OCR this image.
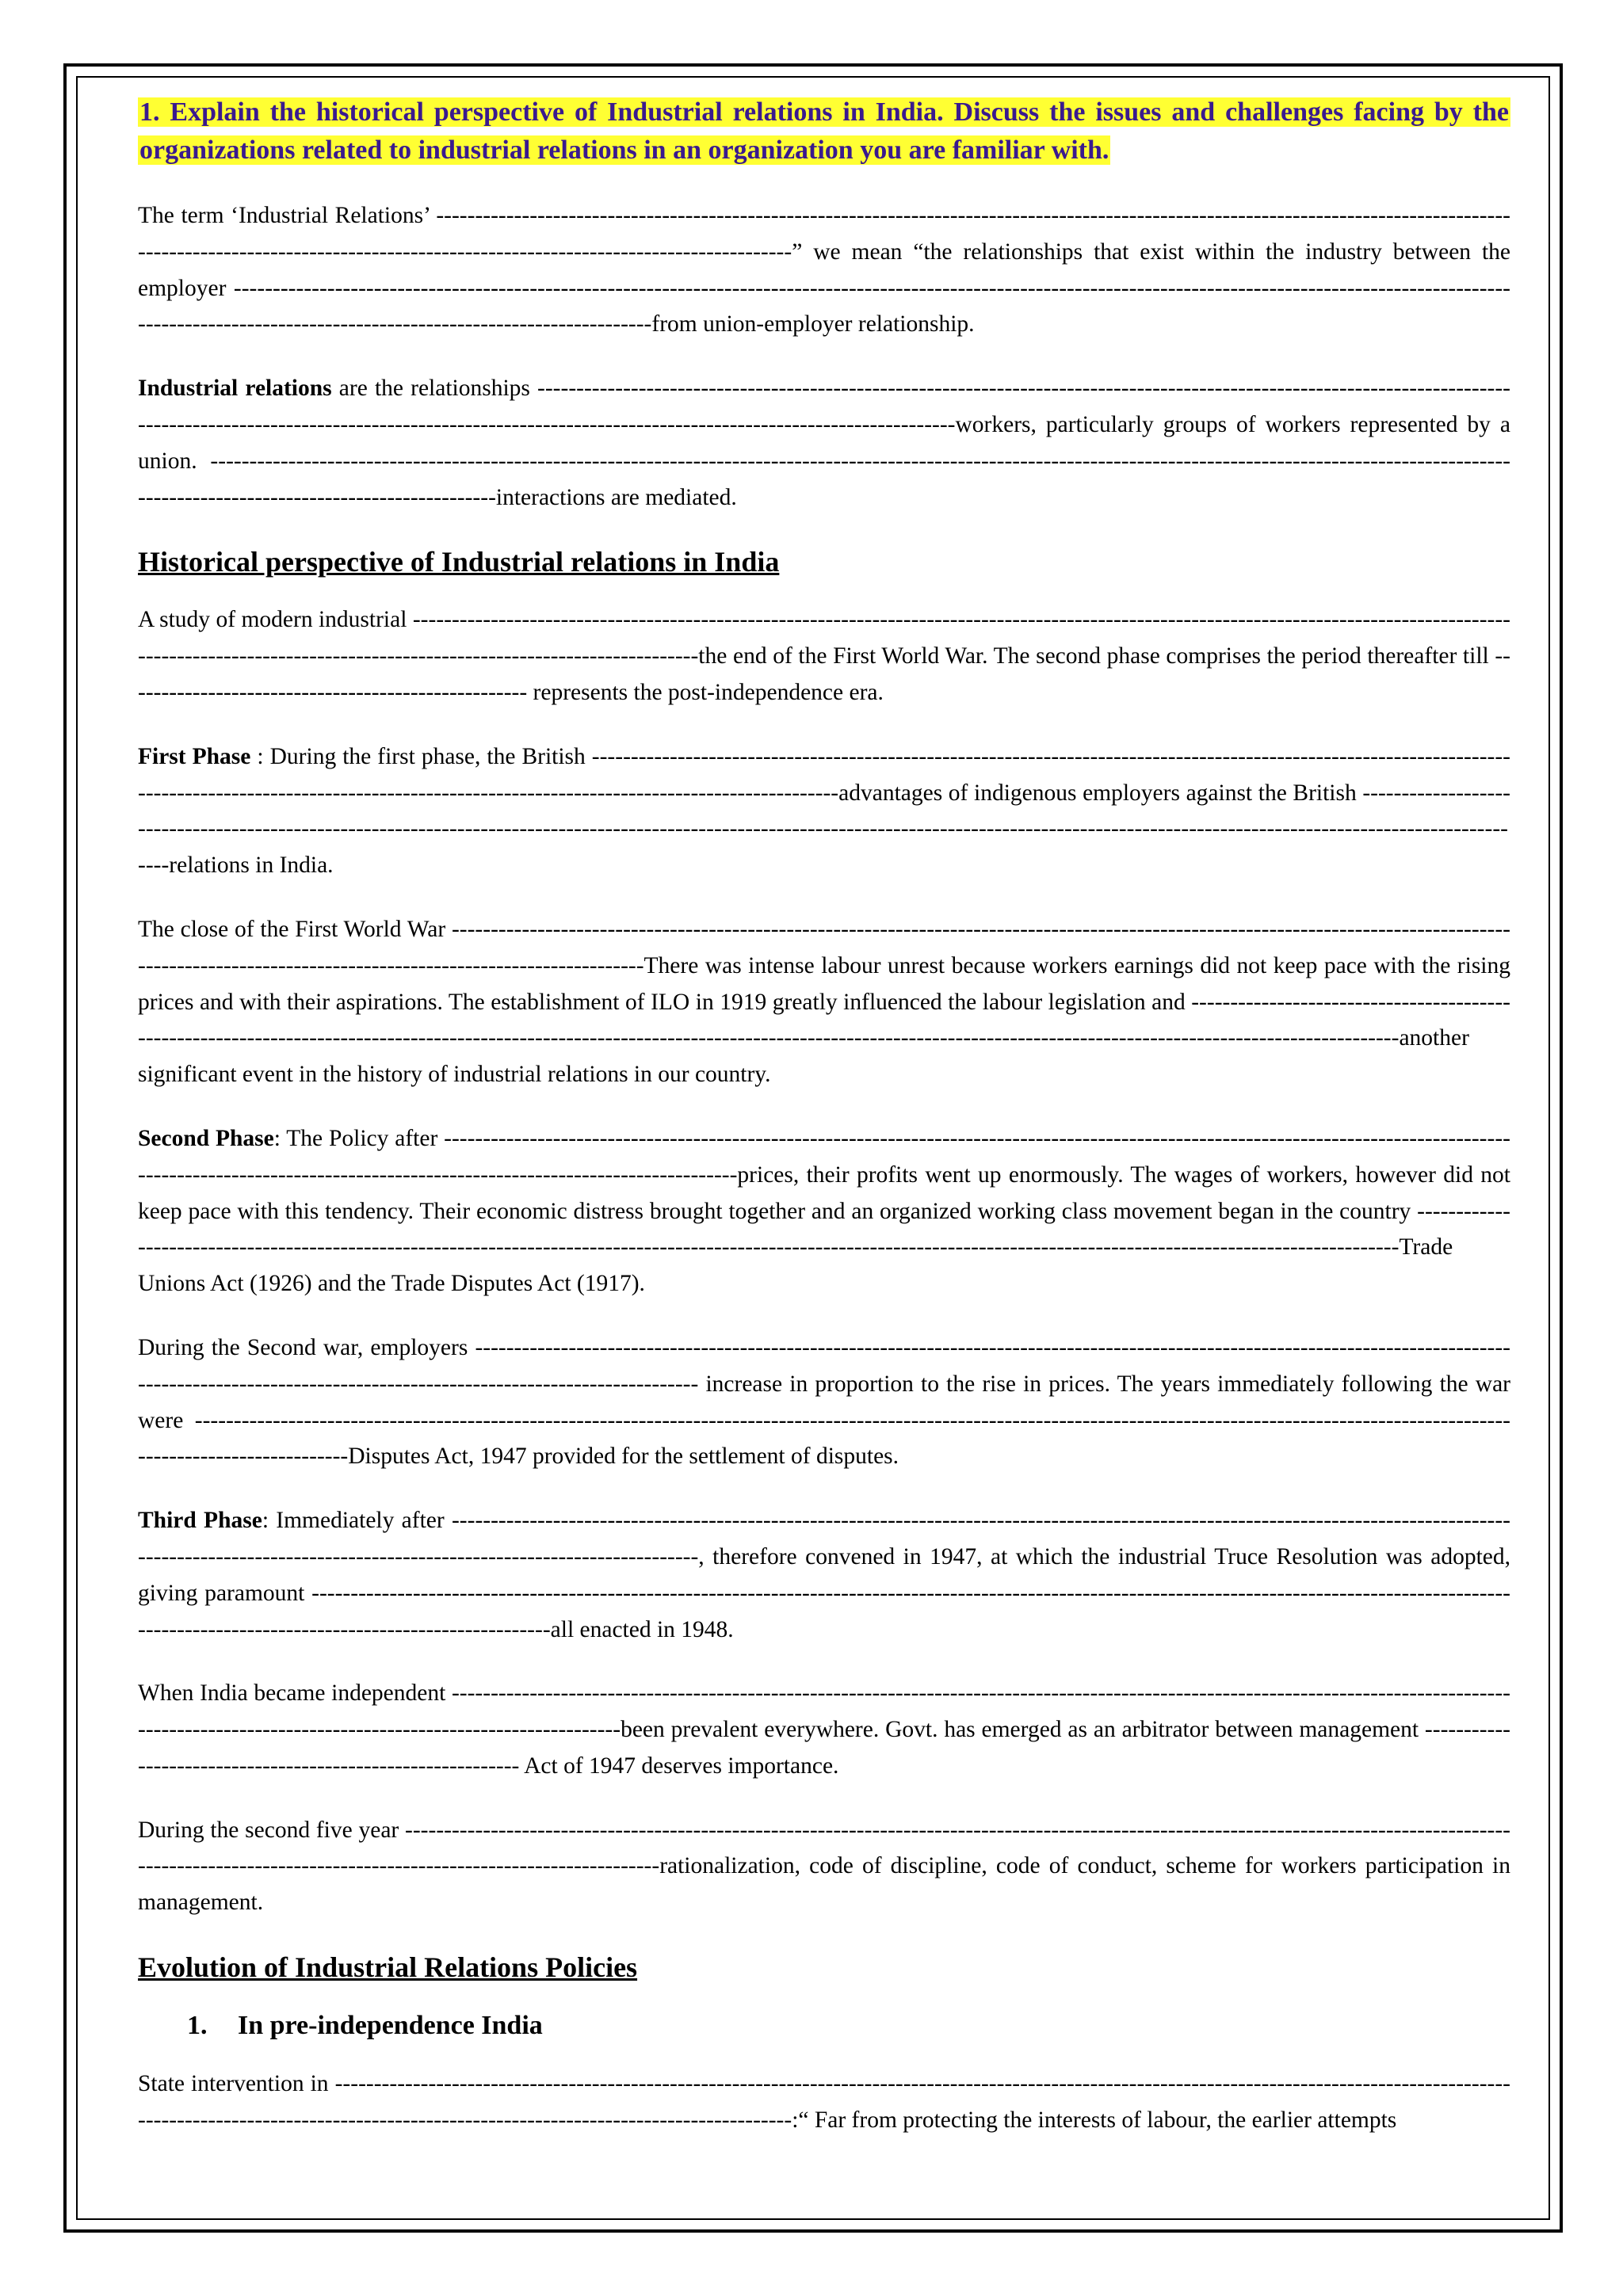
1. Explain the historical perspective of Industrial relations in India. Discuss the issues and challenges facing by the organizations related to industrial relations in an organization you are familiar with.

The term ‘Industrial Relations’ ------------------------------------------------------------------------------------------------------------------------------------------------------------------------------------------------------------------------------” we mean “the relationships that exist within the industry between the employer --------------------------------------------------------------------------------------------------------------------------------------------------------------------------------------------------------------------------------------from union-employer relationship.

Industrial relations are the relationships --------------------------------------------------------------------------------------------------------------------------------------------------------------------------------------------------------------------------------------workers, particularly groups of workers represented by a union. ---------------------------------------------------------------------------------------------------------------------------------------------------------------------------------------------------------------------interactions are mediated.

Historical perspective of Industrial relations in India

A study of modern industrial ---------------------------------------------------------------------------------------------------------------------------------------------------------------------------------------------------------------------the end of the First World War. The second phase comprises the period thereafter till ---------------------------------------------------- represents the post-independence era.

First Phase : During the first phase, the British ----------------------------------------------------------------------------------------------------------------------------------------------------------------------------------------------------------------advantages of indigenous employers against the British -------------------------------------------------------------------------------------------------------------------------------------------------------------------------------------------------------relations in India.

The close of the First World War ---------------------------------------------------------------------------------------------------------------------------------------------------------------------------------------------------------There was intense labour unrest because workers earnings did not keep pace with the rising prices and with their aspirations. The establishment of ILO in 1919 greatly influenced the labour legislation and -----------------------------------------------------------------------------------------------------------------------------------------------------------------------------------------------------------another significant event in the history of industrial relations in our country.

Second Phase: The Policy after ----------------------------------------------------------------------------------------------------------------------------------------------------------------------------------------------------------------------prices, their profits went up enormously. The wages of workers, however did not keep pace with this tendency. Their economic distress brought together and an organized working class movement began in the country ------------------------------------------------------------------------------------------------------------------------------------------------------------------------------Trade Unions Act (1926) and the Trade Disputes Act (1917).

During the Second war, employers ------------------------------------------------------------------------------------------------------------------------------------------------------------------------------------------------------------- increase in proportion to the rise in prices. The years immediately following the war were ----------------------------------------------------------------------------------------------------------------------------------------------------------------------------------------------------Disputes Act, 1947 provided for the settlement of disputes.

Third Phase: Immediately after ----------------------------------------------------------------------------------------------------------------------------------------------------------------------------------------------------------------, therefore convened in 1947, at which the industrial Truce Resolution was adopted, giving paramount ---------------------------------------------------------------------------------------------------------------------------------------------------------------------------------------------------------------all enacted in 1948.

When India became independent ------------------------------------------------------------------------------------------------------------------------------------------------------------------------------------------------------been prevalent everywhere. Govt. has emerged as an arbitrator between management ------------------------------------------------------------ Act of 1947 deserves importance.

During the second five year -----------------------------------------------------------------------------------------------------------------------------------------------------------------------------------------------------------------rationalization, code of discipline, code of conduct, scheme for workers participation in management.

Evolution of Industrial Relations Policies
1. In pre-independence India

State intervention in -------------------------------------------------------------------------------------------------------------------------------------------------------------------------------------------------------------------------------------------:“ Far from protecting the interests of labour, the earlier attempts
